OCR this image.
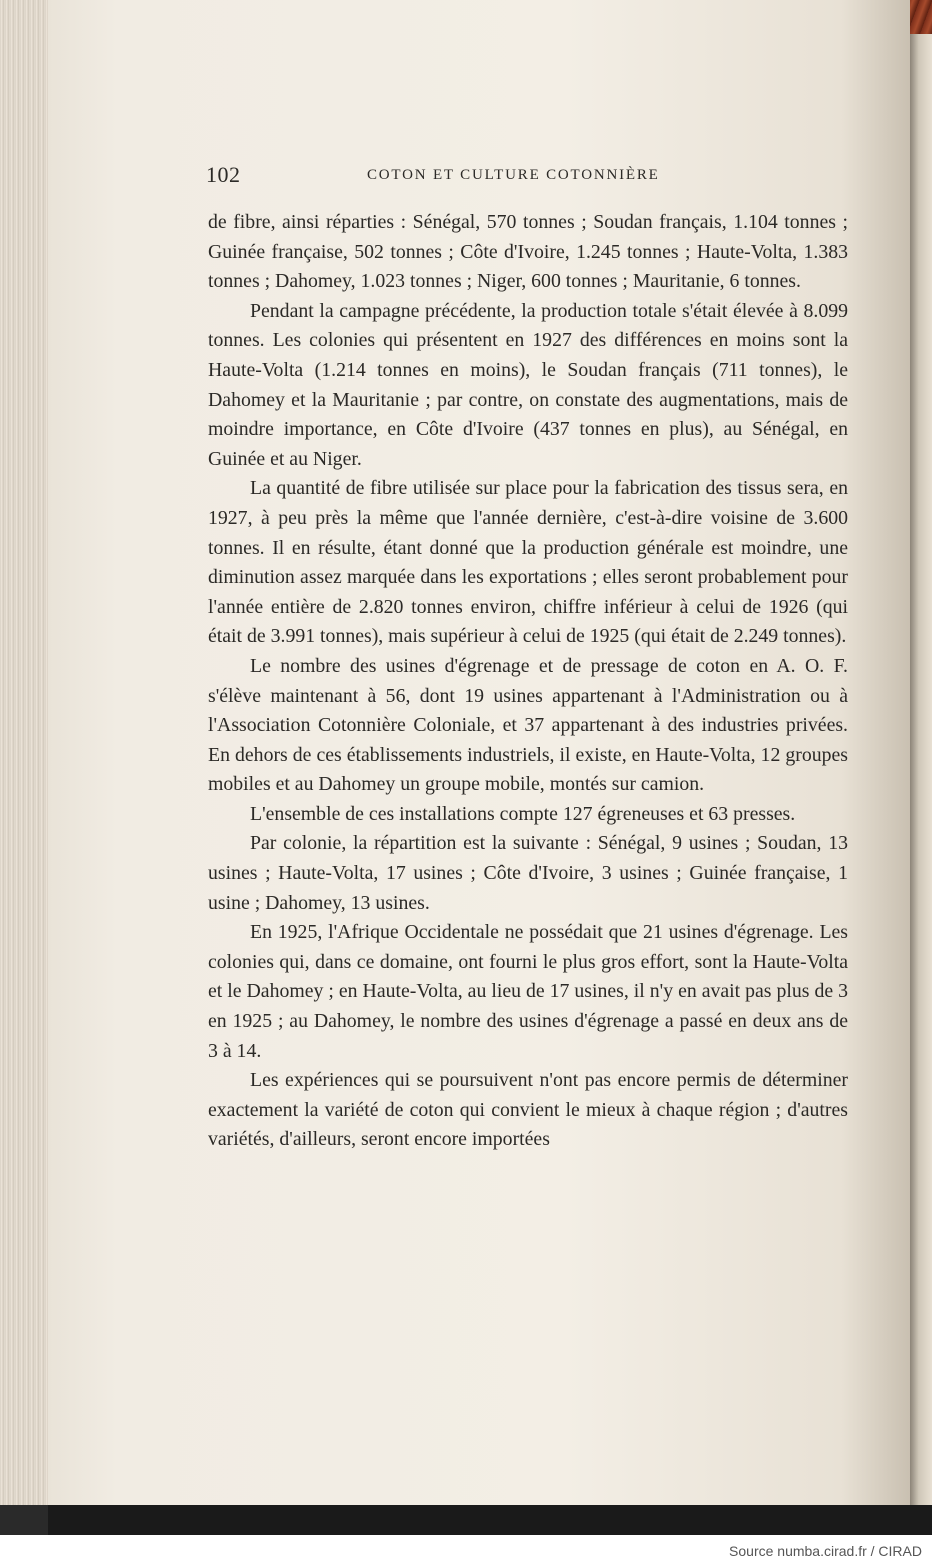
102	COTON ET CULTURE COTONNIÈRE

de fibre, ainsi réparties : Sénégal, 570 tonnes ; Soudan français, 1.104 tonnes ; Guinée française, 502 tonnes ; Côte d'Ivoire, 1.245 tonnes ; Haute-Volta, 1.383 tonnes ; Dahomey, 1.023 tonnes ; Niger, 600 tonnes ; Mauritanie, 6 tonnes.

Pendant la campagne précédente, la production totale s'était élevée à 8.099 tonnes. Les colonies qui présentent en 1927 des différences en moins sont la Haute-Volta (1.214 tonnes en moins), le Soudan français (711 tonnes), le Dahomey et la Mauritanie ; par contre, on constate des augmentations, mais de moindre importance, en Côte d'Ivoire (437 tonnes en plus), au Sénégal, en Guinée et au Niger.

La quantité de fibre utilisée sur place pour la fabrication des tissus sera, en 1927, à peu près la même que l'année dernière, c'est-à-dire voisine de 3.600 tonnes. Il en résulte, étant donné que la production générale est moindre, une diminution assez marquée dans les exportations ; elles seront probablement pour l'année entière de 2.820 tonnes environ, chiffre inférieur à celui de 1926 (qui était de 3.991 tonnes), mais supérieur à celui de 1925 (qui était de 2.249 tonnes).

Le nombre des usines d'égrenage et de pressage de coton en A. O. F. s'élève maintenant à 56, dont 19 usines appartenant à l'Administration ou à l'Association Cotonnière Coloniale, et 37 appartenant à des industries privées. En dehors de ces établissements industriels, il existe, en Haute-Volta, 12 groupes mobiles et au Dahomey un groupe mobile, montés sur camion.

L'ensemble de ces installations compte 127 égreneuses et 63 presses.

Par colonie, la répartition est la suivante : Sénégal, 9 usines ; Soudan, 13 usines ; Haute-Volta, 17 usines ; Côte d'Ivoire, 3 usines ; Guinée française, 1 usine ; Dahomey, 13 usines.

En 1925, l'Afrique Occidentale ne possédait que 21 usines d'égrenage. Les colonies qui, dans ce domaine, ont fourni le plus gros effort, sont la Haute-Volta et le Dahomey ; en Haute-Volta, au lieu de 17 usines, il n'y en avait pas plus de 3 en 1925 ; au Dahomey, le nombre des usines d'égrenage a passé en deux ans de 3 à 14.

Les expériences qui se poursuivent n'ont pas encore permis de déterminer exactement la variété de coton qui convient le mieux à chaque région ; d'autres variétés, d'ailleurs, seront encore importées

Source numba.cirad.fr / CIRAD
